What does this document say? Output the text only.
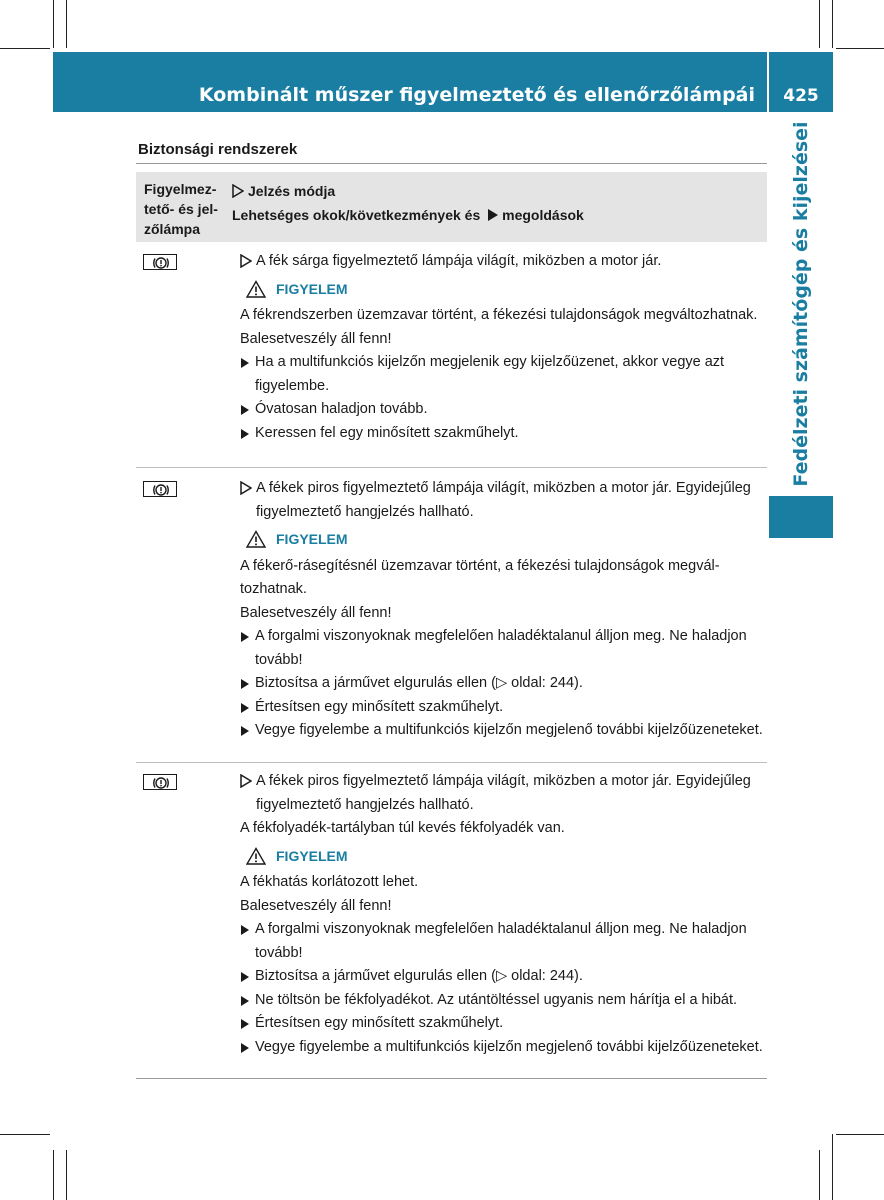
Kombinált műszer figyelmeztető és ellenőrzőlámpái	425
Fedélzeti számítógép és kijelzései
Biztonsági rendszerek
Figyelmeztető- és jelzőlámpa
Jelzés módja
Lehetséges okok/következmények és megoldások

A fék sárga figyelmeztető lámpája világít, miközben a motor jár.

FIGYELEM

A fékrendszerben üzemzavar történt, a fékezési tulajdonságok megváltozhatnak.

Balesetveszély áll fenn!

Ha a multifunkciós kijelzőn megjelenik egy kijelzőüzenet, akkor vegye azt figyelembe.

Óvatosan haladjon tovább.

Keressen fel egy minősített szakműhelyt.

A fékek piros figyelmeztető lámpája világít, miközben a motor jár. Egyidejűleg figyelmeztető hangjelzés hallható.

FIGYELEM

A fékerő-rásegítésnél üzemzavar történt, a fékezési tulajdonságok megváltozhatnak.

Balesetveszély áll fenn!

A forgalmi viszonyoknak megfelelően haladéktalanul álljon meg. Ne haladjon tovább!

Biztosítsa a járművet elgurulás ellen (▷ oldal: 244).

Értesítsen egy minősített szakműhelyt.

Vegye figyelembe a multifunkciós kijelzőn megjelenő további kijelzőüzeneteket.

A fékek piros figyelmeztető lámpája világít, miközben a motor jár. Egyidejűleg figyelmeztető hangjelzés hallható.

A fékfolyadék-tartályban túl kevés fékfolyadék van.

FIGYELEM

A fékhatás korlátozott lehet.

Balesetveszély áll fenn!

A forgalmi viszonyoknak megfelelően haladéktalanul álljon meg. Ne haladjon tovább!

Biztosítsa a járművet elgurulás ellen (▷ oldal: 244).

Ne töltsön be fékfolyadékot. Az utántöltéssel ugyanis nem hárítja el a hibát.

Értesítsen egy minősített szakműhelyt.

Vegye figyelembe a multifunkciós kijelzőn megjelenő további kijelzőüzeneteket.
